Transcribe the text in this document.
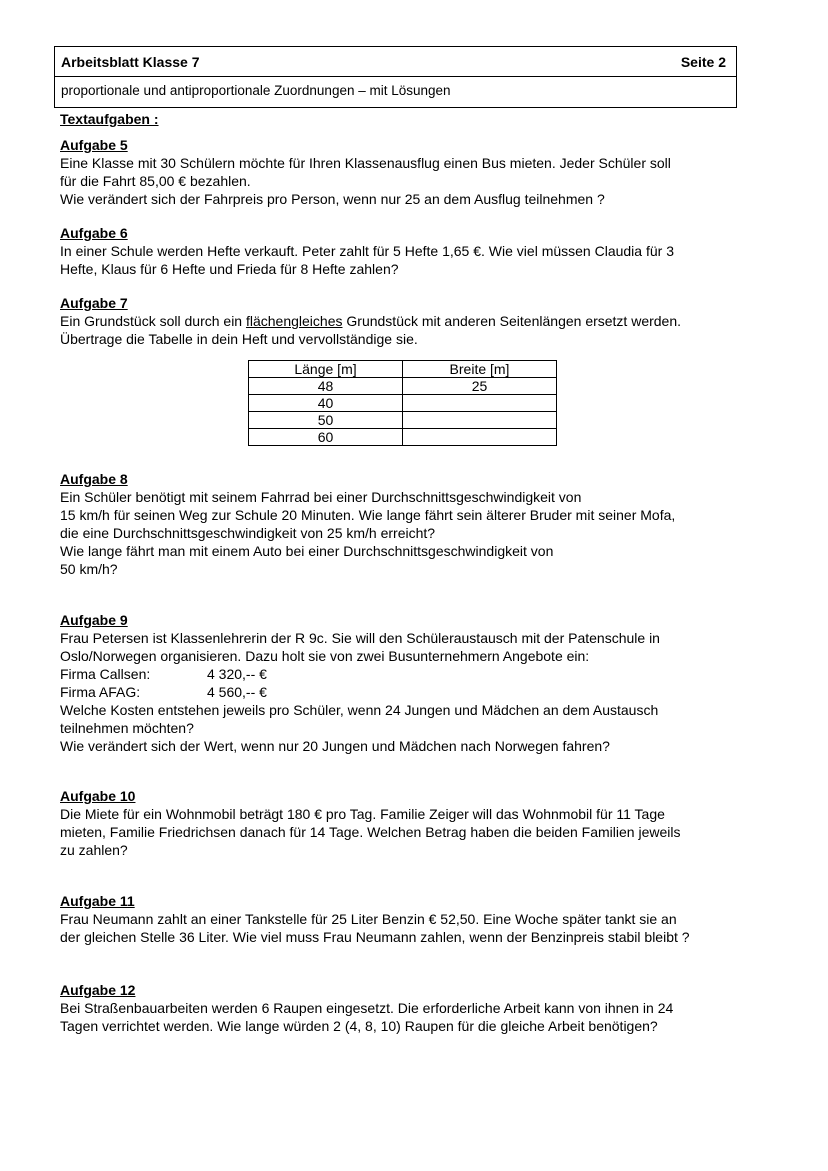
Arbeitsblatt Klasse 7	Seite 2
proportionale und antiproportionale Zuordnungen – mit Lösungen
Textaufgaben :
Aufgabe 5
Eine Klasse mit 30 Schülern möchte für Ihren Klassenausflug einen Bus mieten. Jeder Schüler soll
für die Fahrt 85,00 € bezahlen.
Wie verändert sich der Fahrpreis pro Person, wenn nur 25 an dem Ausflug teilnehmen ?
Aufgabe 6
In einer Schule werden Hefte verkauft. Peter zahlt für 5 Hefte 1,65 €. Wie viel müssen Claudia für 3
Hefte, Klaus für 6 Hefte und Frieda für 8 Hefte zahlen?
Aufgabe 7
Ein Grundstück soll durch ein flächengleiches Grundstück mit anderen Seitenlängen ersetzt werden.
Übertrage die Tabelle in dein Heft und vervollständige sie.
Länge [m]	Breite [m]
48	25
40	
50	
60	
Aufgabe 8
Ein Schüler benötigt mit seinem Fahrrad bei einer Durchschnittsgeschwindigkeit von
15 km/h für seinen Weg zur Schule 20 Minuten. Wie lange fährt sein älterer Bruder mit seiner Mofa,
die eine Durchschnittsgeschwindigkeit von 25 km/h erreicht?
Wie lange fährt man mit einem Auto bei einer Durchschnittsgeschwindigkeit von
50 km/h?
Aufgabe 9
Frau Petersen ist Klassenlehrerin der R 9c. Sie will den Schüleraustausch mit der Patenschule in
Oslo/Norwegen organisieren. Dazu holt sie von zwei Busunternehmern Angebote ein:
Firma Callsen:	4 320,-- €
Firma AFAG:	4 560,-- €
Welche Kosten entstehen jeweils pro Schüler, wenn 24 Jungen und Mädchen an dem Austausch
teilnehmen möchten?
Wie verändert sich der Wert, wenn nur 20 Jungen und Mädchen nach Norwegen fahren?
Aufgabe 10
Die Miete für ein Wohnmobil beträgt 180 € pro Tag. Familie Zeiger will das Wohnmobil für 11 Tage
mieten, Familie Friedrichsen danach für 14 Tage. Welchen Betrag haben die beiden Familien jeweils
zu zahlen?
Aufgabe 11
Frau Neumann zahlt an einer Tankstelle für 25 Liter Benzin € 52,50. Eine Woche später tankt sie an
der gleichen Stelle 36 Liter. Wie viel muss Frau Neumann zahlen, wenn der Benzinpreis stabil bleibt ?
Aufgabe 12
Bei Straßenbauarbeiten werden 6 Raupen eingesetzt. Die erforderliche Arbeit kann von ihnen in 24
Tagen verrichtet werden. Wie lange würden 2 (4, 8, 10) Raupen für die gleiche Arbeit benötigen?
